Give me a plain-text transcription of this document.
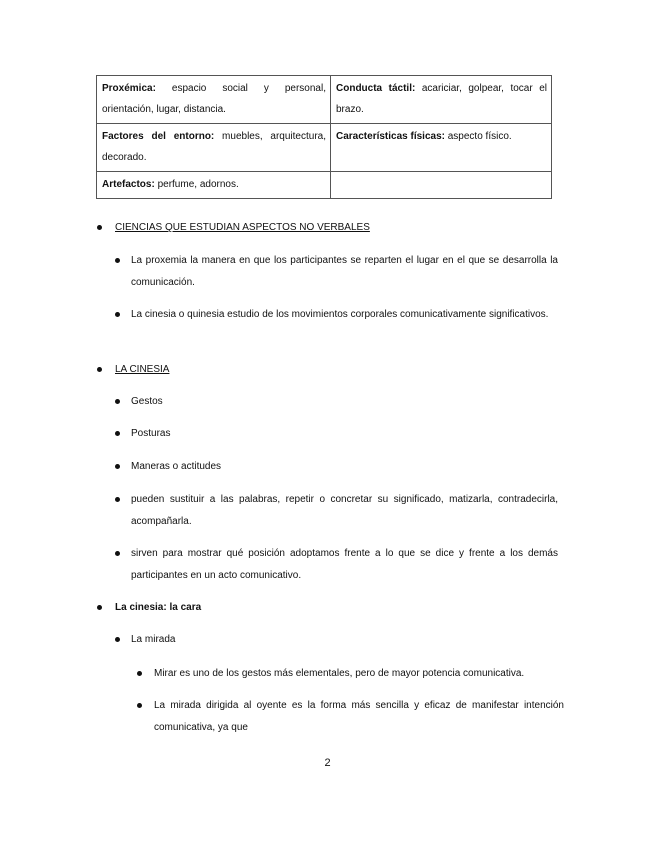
Proxémica: espacio social y personal, orientación, lugar, distancia.	Conducta táctil: acariciar, golpear, tocar el brazo.
Factores del entorno: muebles, arquitectura, decorado.	Características físicas: aspecto físico.
Artefactos: perfume, adornos.	
CIENCIAS QUE ESTUDIAN ASPECTOS NO VERBALES
La proxemia la manera en que los participantes se reparten el lugar en el que se desarrolla la comunicación.
La cinesia o quinesia estudio de los movimientos corporales comunicativamente significativos.
LA CINESIA
Gestos
Posturas
Maneras o actitudes
pueden sustituir a las palabras, repetir o concretar su significado, matizarla, contradecirla, acompañarla.
sirven para mostrar qué posición adoptamos frente a lo que se dice y frente a los demás participantes en un acto comunicativo.
La cinesia: la cara
La mirada
Mirar es uno de los gestos más elementales, pero de mayor potencia comunicativa.
La mirada dirigida al oyente es la forma más sencilla y eficaz de manifestar intención comunicativa, ya que
2
